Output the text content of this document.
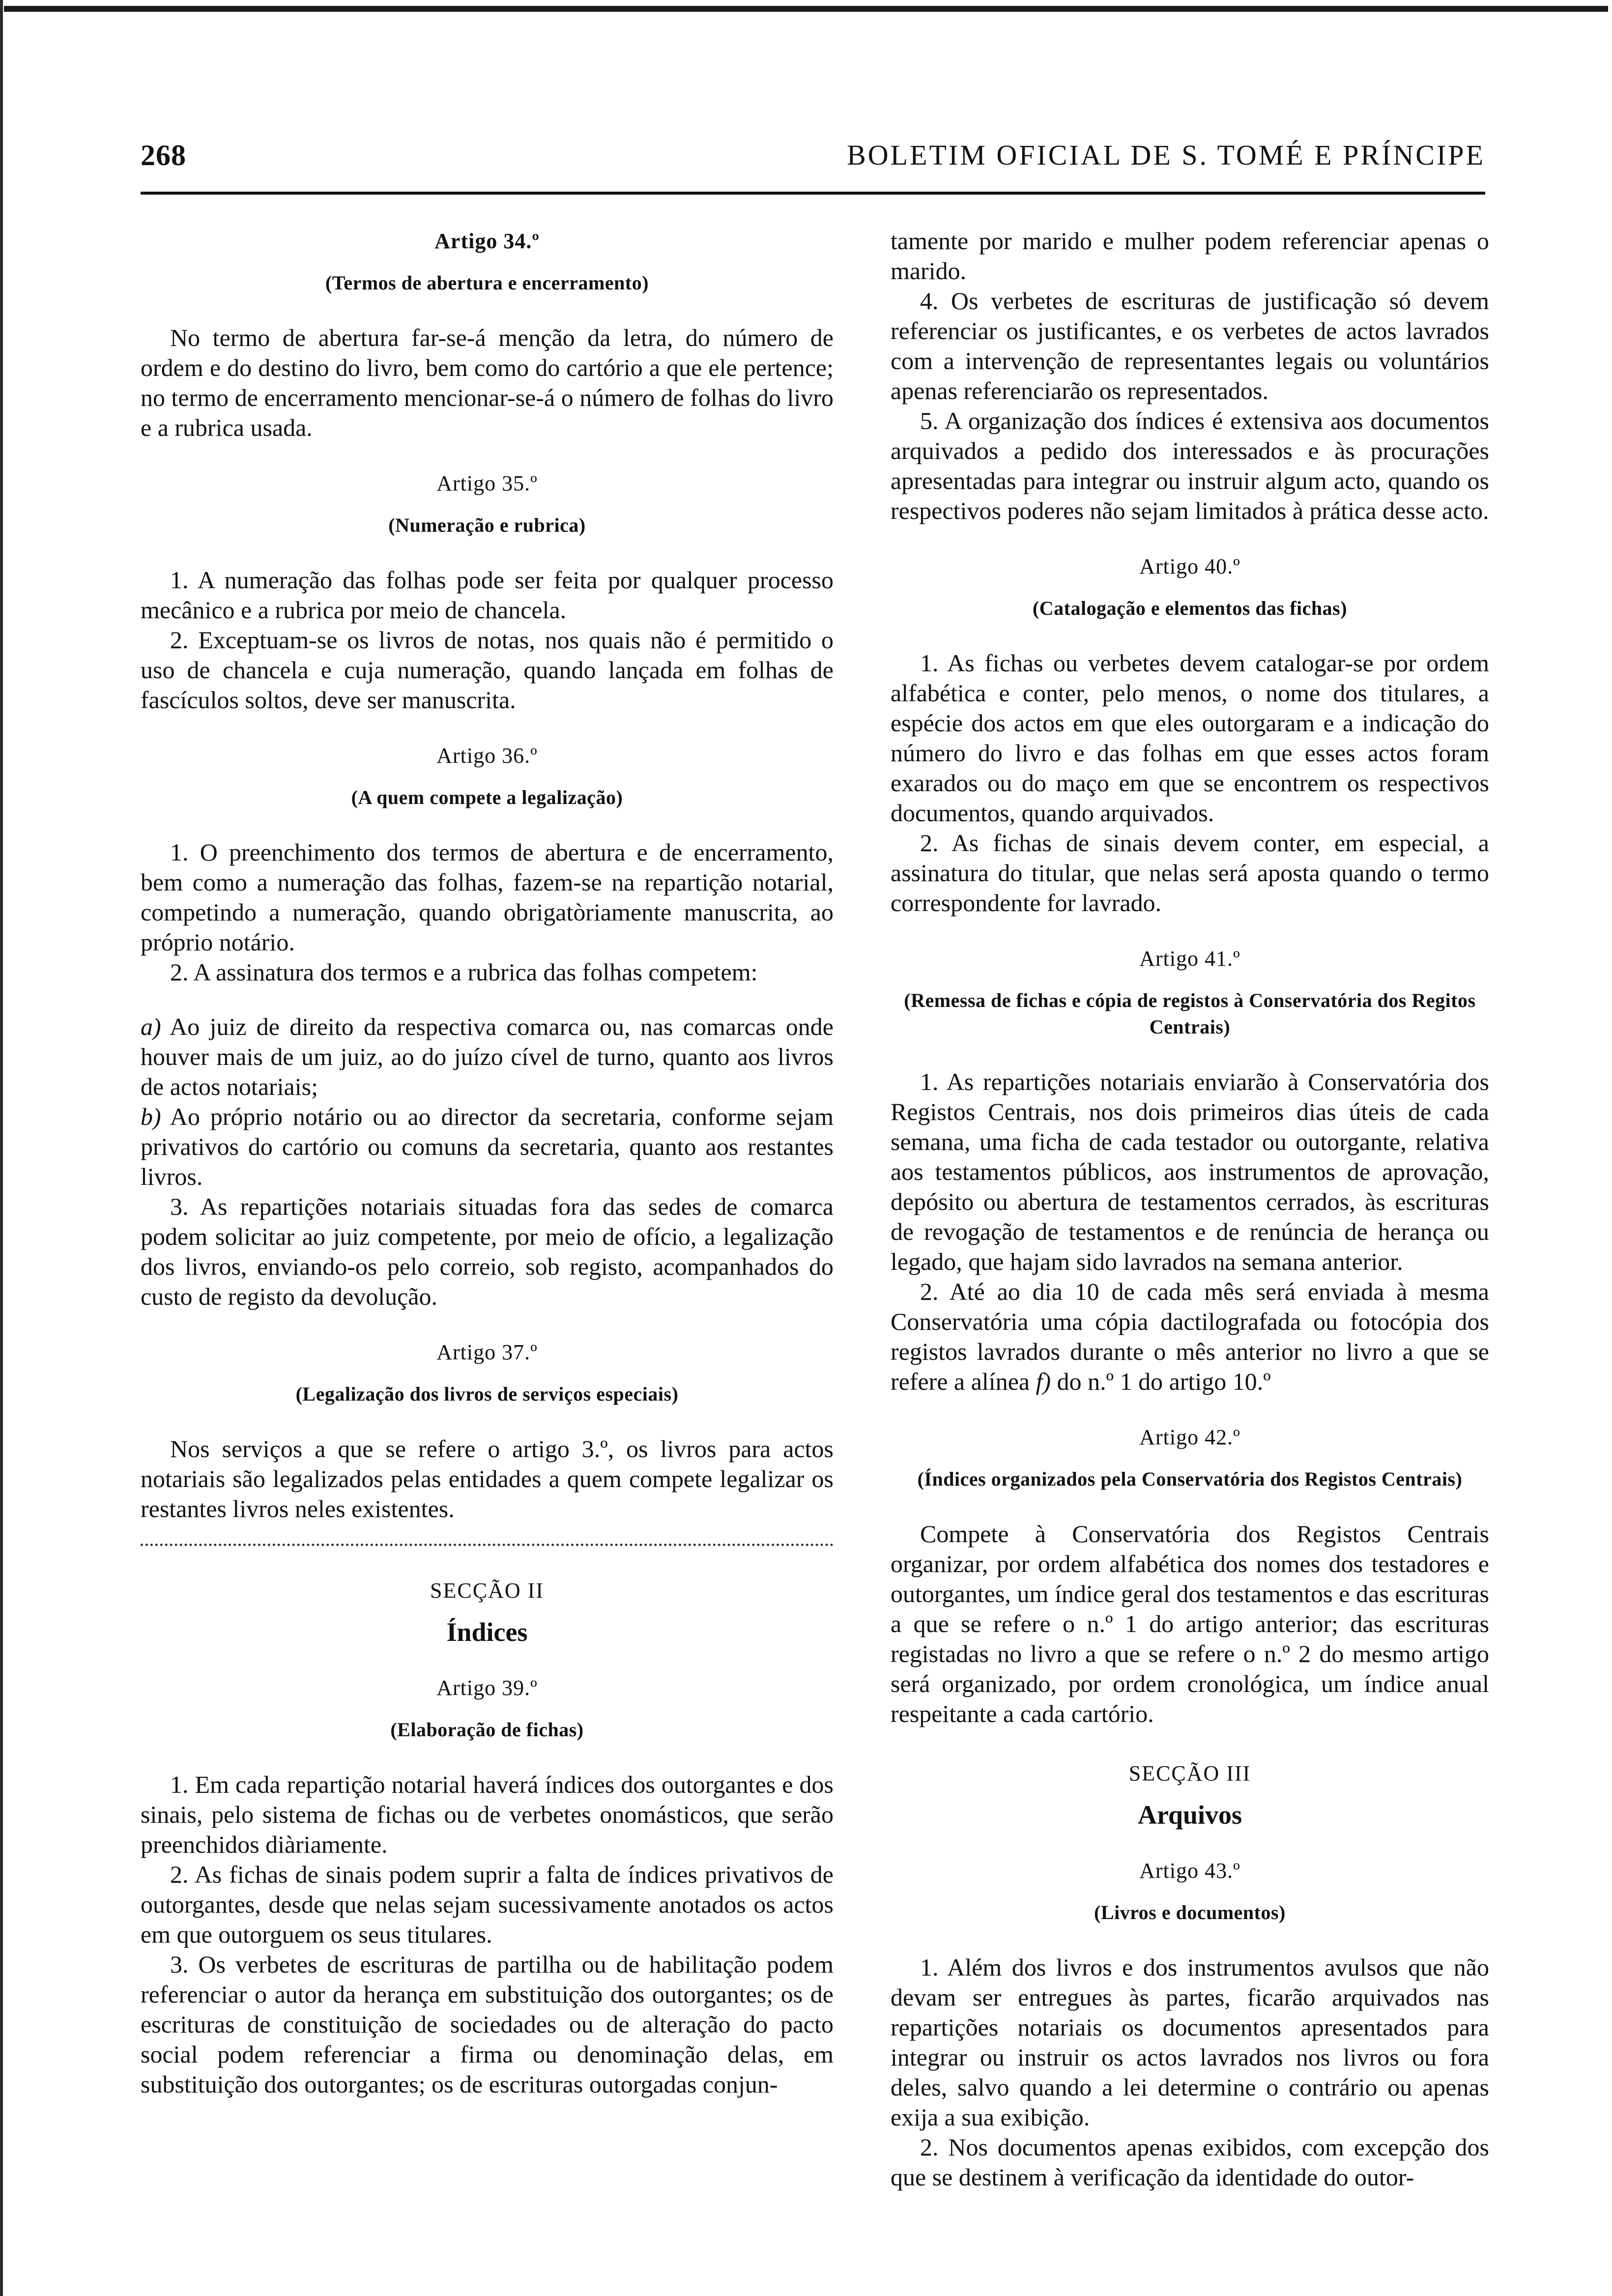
268	BOLETIM OFICIAL DE S. TOMÉ E PRÍNCIPE
Artigo 34.º
(Termos de abertura e encerramento)

No termo de abertura far-se-á menção da letra, do número de ordem e do destino do livro, bem como do cartório a que ele pertence; no termo de encerramento mencionar-se-á o número de folhas do livro e a rubrica usada.

Artigo 35.º
(Numeração e rubrica)

1. A numeração das folhas pode ser feita por qualquer processo mecânico e a rubrica por meio de chancela.

2. Exceptuam-se os livros de notas, nos quais não é permitido o uso de chancela e cuja numeração, quando lançada em folhas de fascículos soltos, deve ser manuscrita.

Artigo 36.º
(A quem compete a legalização)

1. O preenchimento dos termos de abertura e de encerramento, bem como a numeração das folhas, fazem-se na repartição notarial, competindo a numeração, quando obrigatòriamente manuscrita, ao próprio notário.

2. A assinatura dos termos e a rubrica das folhas competem:

a) Ao juiz de direito da respectiva comarca ou, nas comarcas onde houver mais de um juiz, ao do juízo cível de turno, quanto aos livros de actos notariais;

b) Ao próprio notário ou ao director da secretaria, conforme sejam privativos do cartório ou comuns da secretaria, quanto aos restantes livros.

3. As repartições notariais situadas fora das sedes de comarca podem solicitar ao juiz competente, por meio de ofício, a legalização dos livros, enviando-os pelo correio, sob registo, acompanhados do custo de registo da devolução.

Artigo 37.º
(Legalização dos livros de serviços especiais)

Nos serviços a que se refere o artigo 3.º, os livros para actos notariais são legalizados pelas entidades a quem compete legalizar os restantes livros neles existentes.

SECÇÃO II
Índices
Artigo 39.º
(Elaboração de fichas)

1. Em cada repartição notarial haverá índices dos outorgantes e dos sinais, pelo sistema de fichas ou de verbetes onomásticos, que serão preenchidos diàriamente.

2. As fichas de sinais podem suprir a falta de índices privativos de outorgantes, desde que nelas sejam sucessivamente anotados os actos em que outorguem os seus titulares.

3. Os verbetes de escrituras de partilha ou de habilitação podem referenciar o autor da herança em substituição dos outorgantes; os de escrituras de constituição de sociedades ou de alteração do pacto social podem referenciar a firma ou denominação delas, em substituição dos outorgantes; os de escrituras outorgadas conjun-

tamente por marido e mulher podem referenciar apenas o marido.

4. Os verbetes de escrituras de justificação só devem referenciar os justificantes, e os verbetes de actos lavrados com a intervenção de representantes legais ou voluntários apenas referenciarão os representados.

5. A organização dos índices é extensiva aos documentos arquivados a pedido dos interessados e às procurações apresentadas para integrar ou instruir algum acto, quando os respectivos poderes não sejam limitados à prática desse acto.

Artigo 40.º
(Catalogação e elementos das fichas)

1. As fichas ou verbetes devem catalogar-se por ordem alfabética e conter, pelo menos, o nome dos titulares, a espécie dos actos em que eles outorgaram e a indicação do número do livro e das folhas em que esses actos foram exarados ou do maço em que se encontrem os respectivos documentos, quando arquivados.

2. As fichas de sinais devem conter, em especial, a assinatura do titular, que nelas será aposta quando o termo correspondente for lavrado.

Artigo 41.º
(Remessa de fichas e cópia de registos à Conservatória dos Regitos Centrais)

1. As repartições notariais enviarão à Conservatória dos Registos Centrais, nos dois primeiros dias úteis de cada semana, uma ficha de cada testador ou outorgante, relativa aos testamentos públicos, aos instrumentos de aprovação, depósito ou abertura de testamentos cerrados, às escrituras de revogação de testamentos e de renúncia de herança ou legado, que hajam sido lavrados na semana anterior.

2. Até ao dia 10 de cada mês será enviada à mesma Conservatória uma cópia dactilografada ou fotocópia dos registos lavrados durante o mês anterior no livro a que se refere a alínea f) do n.º 1 do artigo 10.º

Artigo 42.º
(Índices organizados pela Conservatória dos Registos Centrais)

Compete à Conservatória dos Registos Centrais organizar, por ordem alfabética dos nomes dos testadores e outorgantes, um índice geral dos testamentos e das escrituras a que se refere o n.º 1 do artigo anterior; das escrituras registadas no livro a que se refere o n.º 2 do mesmo artigo será organizado, por ordem cronológica, um índice anual respeitante a cada cartório.

SECÇÃO III
Arquivos
Artigo 43.º
(Livros e documentos)

1. Além dos livros e dos instrumentos avulsos que não devam ser entregues às partes, ficarão arquivados nas repartições notariais os documentos apresentados para integrar ou instruir os actos lavrados nos livros ou fora deles, salvo quando a lei determine o contrário ou apenas exija a sua exibição.

2. Nos documentos apenas exibidos, com excepção dos que se destinem à verificação da identidade do outor-
